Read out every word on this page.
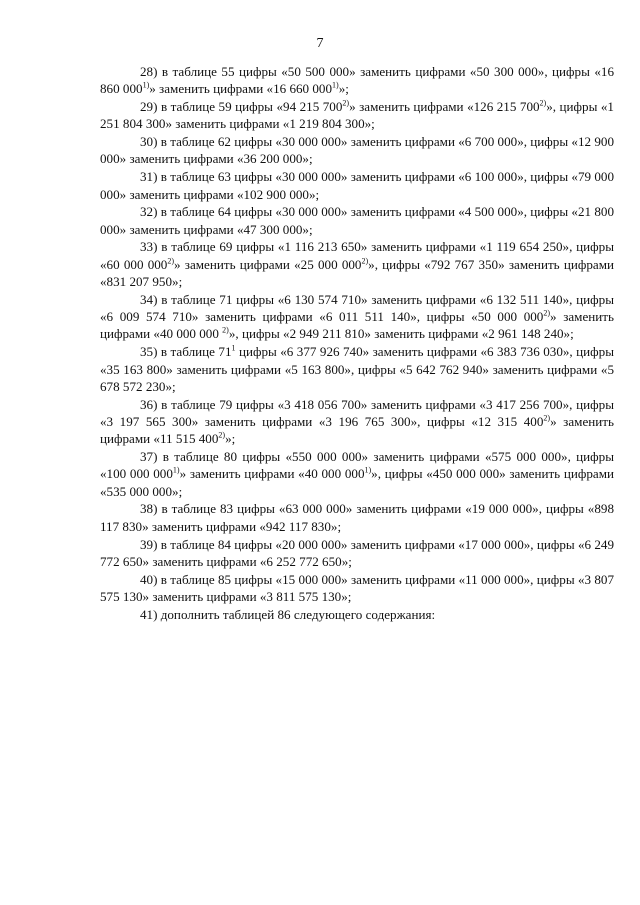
7

28) в таблице 55 цифры «50 500 000» заменить цифрами «50 300 000», цифры «16 860 000$^{1)}$» заменить цифрами «16 660 000$^{1)}$»;

29) в таблице 59 цифры «94 215 700$^{2)}$» заменить цифрами «126 215 700$^{2)}$», цифры «1 251 804 300» заменить цифрами «1 219 804 300»;

30) в таблице 62 цифры «30 000 000» заменить цифрами «6 700 000», цифры «12 900 000» заменить цифрами «36 200 000»;

31) в таблице 63 цифры «30 000 000» заменить цифрами «6 100 000», цифры «79 000 000» заменить цифрами «102 900 000»;

32) в таблице 64 цифры «30 000 000» заменить цифрами «4 500 000», цифры «21 800 000» заменить цифрами «47 300 000»;

33) в таблице 69 цифры «1 116 213 650» заменить цифрами «1 119 654 250», цифры «60 000 000$^{2)}$» заменить цифрами «25 000 000$^{2)}$», цифры «792 767 350» заменить цифрами «831 207 950»;

34) в таблице 71 цифры «6 130 574 710» заменить цифрами «6 132 511 140», цифры «6 009 574 710» заменить цифрами «6 011 511 140», цифры «50 000 000$^{2)}$» заменить цифрами «40 000 000 $^{2)}$», цифры «2 949 211 810» заменить цифрами «2 961 148 240»;

35) в таблице $71^1$ цифры «6 377 926 740» заменить цифрами «6 383 736 030», цифры «35 163 800» заменить цифрами «5 163 800», цифры «5 642 762 940» заменить цифрами «5 678 572 230»;

36) в таблице 79 цифры «3 418 056 700» заменить цифрами «3 417 256 700», цифры «3 197 565 300» заменить цифрами «3 196 765 300», цифры «12 315 400$^{2)}$» заменить цифрами «11 515 400$^{2)}$»;

37) в таблице 80 цифры «550 000 000» заменить цифрами «575 000 000», цифры «100 000 000$^{1)}$» заменить цифрами «40 000 000$^{1)}$», цифры «450 000 000» заменить цифрами «535 000 000»;

38) в таблице 83 цифры «63 000 000» заменить цифрами «19 000 000», цифры «898 117 830» заменить цифрами «942 117 830»;

39) в таблице 84 цифры «20 000 000» заменить цифрами «17 000 000», цифры «6 249 772 650» заменить цифрами «6 252 772 650»;

40) в таблице 85 цифры «15 000 000» заменить цифрами «11 000 000», цифры «3 807 575 130» заменить цифрами «3 811 575 130»;

41) дополнить таблицей 86 следующего содержания:
